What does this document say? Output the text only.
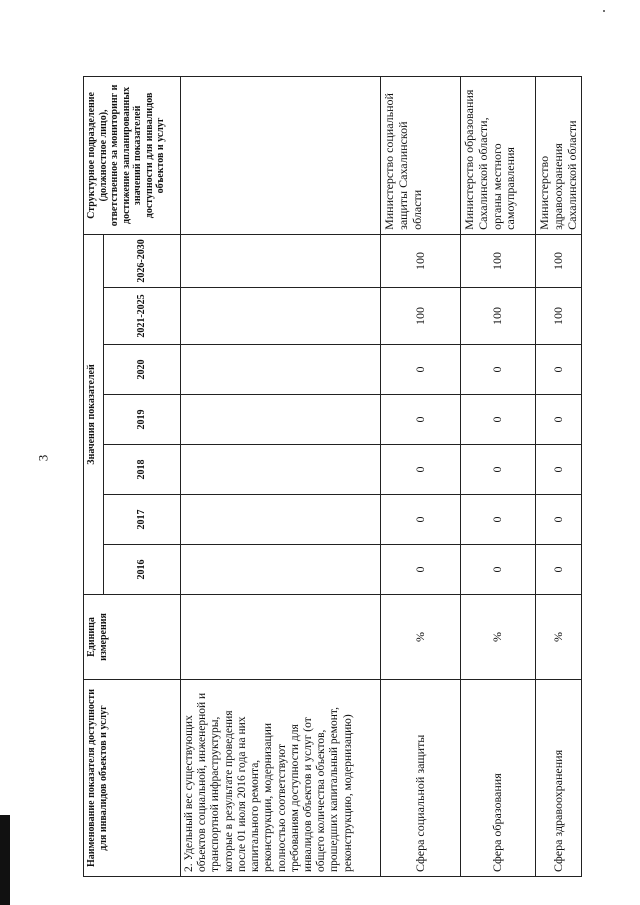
3
Наименование показателя доступности для инвалидов объектов и услуг	Единица измерения	Значения показателей							Структурное подразделение (должностное лицо), ответственное за мониторинг и достижение запланированных значений показателей доступности для инвалидов объектов и услуг
		2016	2017	2018	2019	2020	2021-2025	2026-2030	
2. Удельный вес существующих объектов социальной, инженерной и транспортной инфраструктуры, которые в результате проведения после 01 июля 2016 года на них капитального ремонта, реконструкции, модернизации полностью соответствуют требованиям доступности для инвалидов объектов и услуг (от общего количества объектов, прошедших капитальный ремонт, реконструкцию, модернизацию)									
Сфера социальной защиты	%	0	0	0	0	0	100	100	Министерство социальной защиты Сахалинской области
Сфера образования	%	0	0	0	0	0	100	100	Министерство образования Сахалинской области, органы местного самоуправления
Сфера здравоохранения	%	0	0	0	0	0	100	100	Министерство здравоохранения Сахалинской области
